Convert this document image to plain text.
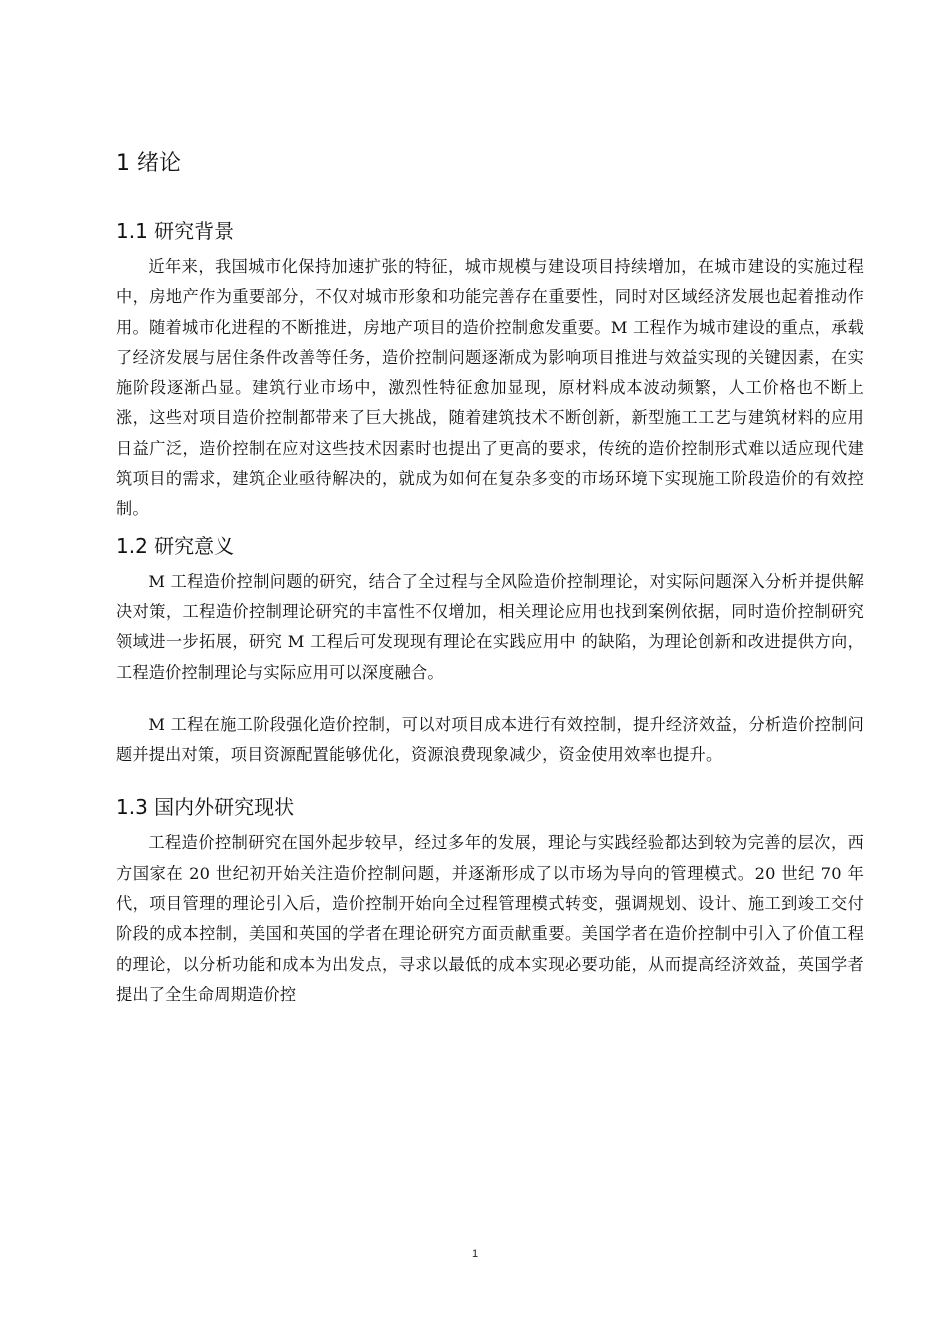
1 绪论
1.1 研究背景

近年来，我国城市化保持加速扩张的特征，城市规模与建设项目持续增加，在城市建设的实施过程中，房地产作为重要部分，不仅对城市形象和功能完善存在重要性，同时对区域经济发展也起着推动作用。随着城市化进程的不断推进，房地产项目的造价控制愈发重要。M 工程作为城市建设的重点，承载了经济发展与居住条件改善等任务，造价控制问题逐渐成为影响项目推进与效益实现的关键因素，在实施阶段逐渐凸显。建筑行业市场中，激烈性特征愈加显现，原材料成本波动频繁，人工价格也不断上涨，这些对项目造价控制都带来了巨大挑战，随着建筑技术不断创新，新型施工工艺与建筑材料的应用日益广泛，造价控制在应对这些技术因素时也提出了更高的要求，传统的造价控制形式难以适应现代建筑项目的需求，建筑企业亟待解决的，就成为如何在复杂多变的市场环境下实现施工阶段造价的有效控制。

1.2 研究意义

M 工程造价控制问题的研究，结合了全过程与全风险造价控制理论，对实际问题深入分析并提供解决对策，工程造价控制理论研究的丰富性不仅增加，相关理论应用也找到案例依据，同时造价控制研究领域进一步拓展，研究 M 工程后可发现现有理论在实践应用中 的缺陷，为理论创新和改进提供方向，工程造价控制理论与实际应用可以深度融合。

M 工程在施工阶段强化造价控制，可以对项目成本进行有效控制，提升经济效益，分析造价控制问题并提出对策，项目资源配置能够优化，资源浪费现象减少，资金使用效率也提升。

1.3 国内外研究现状

工程造价控制研究在国外起步较早，经过多年的发展，理论与实践经验都达到较为完善的层次，西方国家在 20 世纪初开始关注造价控制问题，并逐渐形成了以市场为导向的管理模式。20 世纪 70 年代，项目管理的理论引入后，造价控制开始向全过程管理模式转变，强调规划、设计、施工到竣工交付阶段的成本控制，美国和英国的学者在理论研究方面贡献重要。美国学者在造价控制中引入了价值工程的理论，以分析功能和成本为出发点，寻求以最低的成本实现必要功能，从而提高经济效益，英国学者提出了全生命周期造价控

1
